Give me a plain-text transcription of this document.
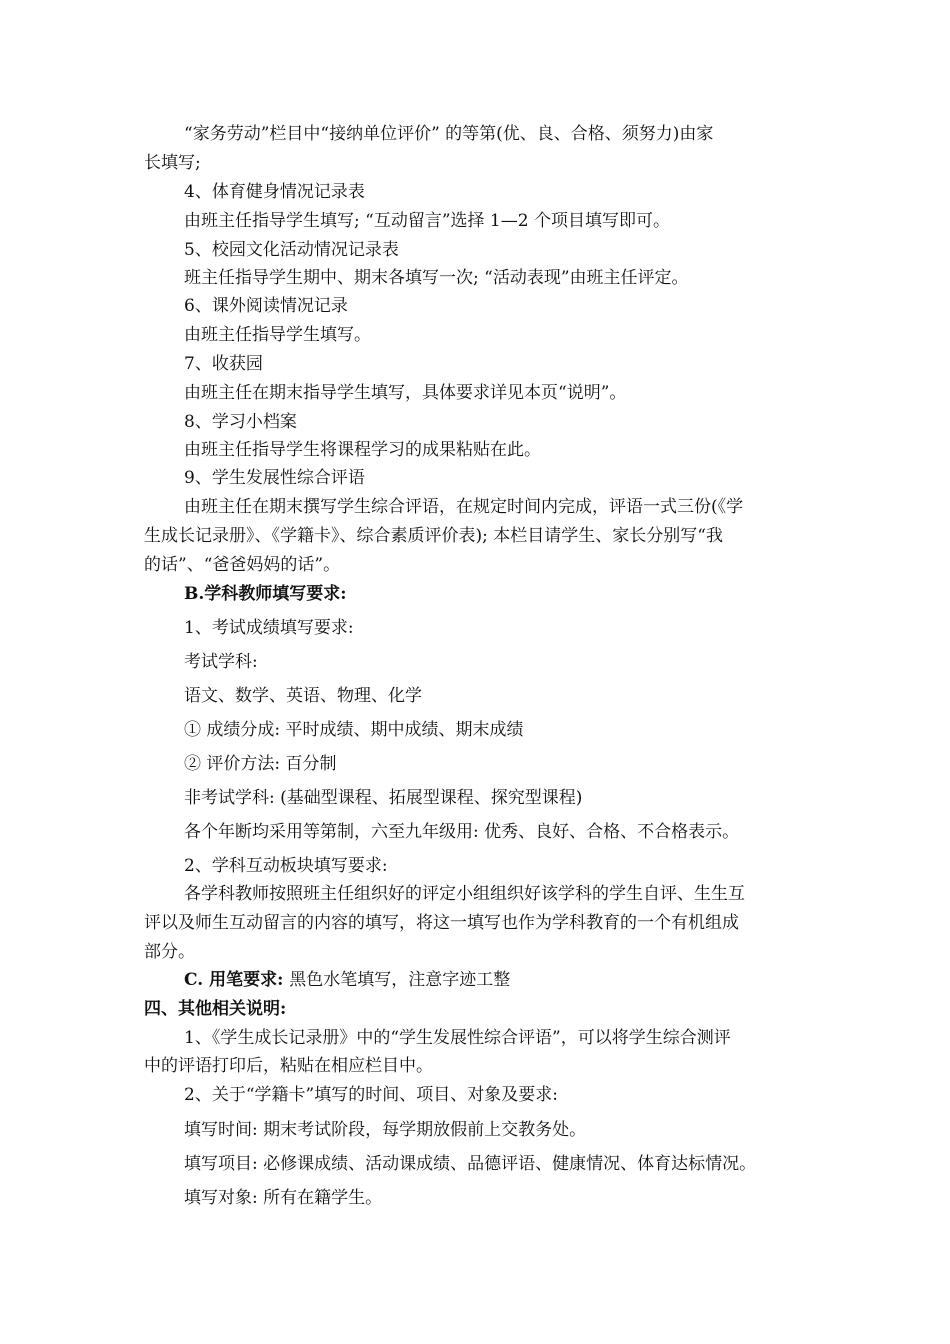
“家务劳动”栏目中“接纳单位评价” 的等第(优、良、合格、须努力)由家
长填写;
4、体育健身情况记录表
由班主任指导学生填写; “互动留言”选择 1—2 个项目填写即可。
5、校园文化活动情况记录表
班主任指导学生期中、期末各填写一次; “活动表现”由班主任评定。
6、课外阅读情况记录
由班主任指导学生填写。
7、收获园
由班主任在期末指导学生填写，具体要求详见本页“说明”。
8、学习小档案
由班主任指导学生将课程学习的成果粘贴在此。
9、学生发展性综合评语
由班主任在期末撰写学生综合评语，在规定时间内完成，评语一式三份(《学
生成长记录册》、《学籍卡》、综合素质评价表); 本栏目请学生、家长分别写“我
的话”、“爸爸妈妈的话”。
B.学科教师填写要求:
1、考试成绩填写要求:
考试学科:
语文、数学、英语、物理、化学
① 成绩分成: 平时成绩、期中成绩、期末成绩
② 评价方法: 百分制
非考试学科: (基础型课程、拓展型课程、探究型课程)
各个年断均采用等第制，六至九年级用: 优秀、良好、合格、不合格表示。
2、学科互动板块填写要求:
各学科教师按照班主任组织好的评定小组组织好该学科的学生自评、生生互
评以及师生互动留言的内容的填写，将这一填写也作为学科教育的一个有机组成
部分。
C. 用笔要求: 黑色水笔填写，注意字迹工整
四、其他相关说明:
1、《学生成长记录册》中的“学生发展性综合评语”，可以将学生综合测评
中的评语打印后，粘贴在相应栏目中。
2、关于“学籍卡”填写的时间、项目、对象及要求:
填写时间: 期末考试阶段，每学期放假前上交教务处。
填写项目: 必修课成绩、活动课成绩、品德评语、健康情况、体育达标情况。
填写对象: 所有在籍学生。
